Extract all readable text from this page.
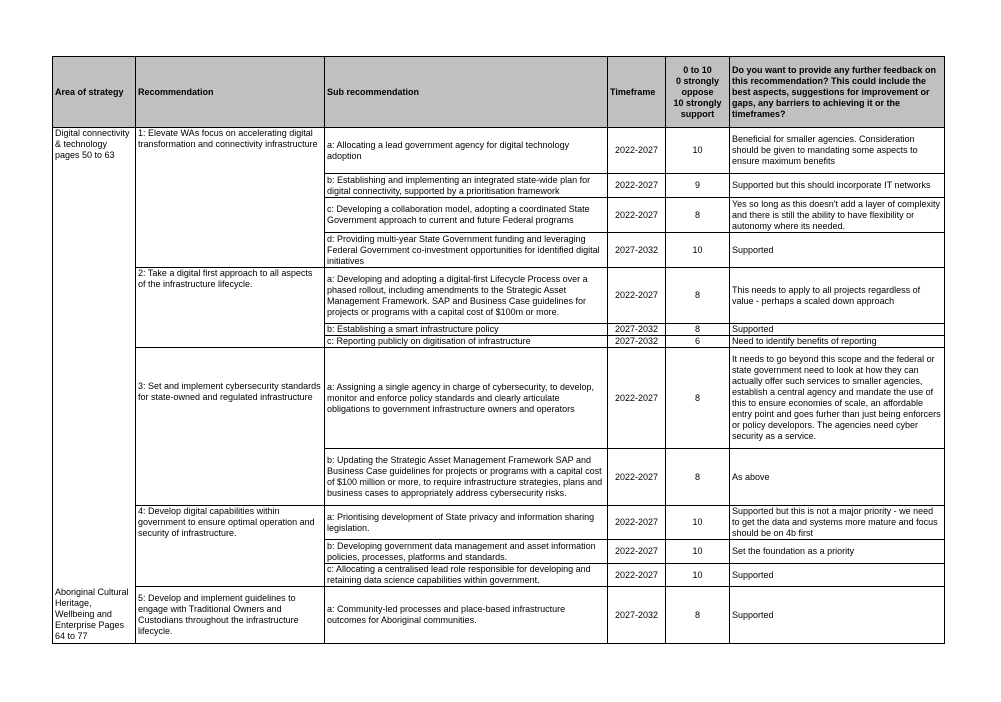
Area of strategy	Recommendation	Sub recommendation	Timeframe	0 to 10
0 strongly oppose
10 strongly support	Do you want to provide any further feedback on this recommendation? This could include the best aspects, suggestions for improvement or gaps, any barriers to achieving it or the timeframes?
Digital connectivity & technology pages 50 to 63	1: Elevate WAs focus on accelerating digital transformation and connectivity infrastructure	a: Allocating a lead government agency for digital technology adoption	2022-2027	10	Beneficial for smaller agencies. Consideration should be given to mandating some aspects to ensure maximum benefits
		b: Establishing and implementing an integrated state-wide plan for digital connectivity, supported by a prioritisation framework	2022-2027	9	Supported but this should incorporate IT networks
		c: Developing a collaboration model, adopting a coordinated State Government approach to current and future Federal programs	2022-2027	8	Yes so long as this doesn't add a layer of complexity and there is still the ability to have flexibility or autonomy where its needed.
		d: Providing multi-year State Government funding and leveraging Federal Government co-investment opportunities for identified digital initiatives	2027-2032	10	Supported
	2: Take a digital first approach to all aspects of the infrastructure lifecycle.	a: Developing and adopting a digital-first Lifecycle Process over a phased rollout, including amendments to the Strategic Asset Management Framework. SAP and Business Case guidelines for projects or programs with a capital cost of $100m or more.	2022-2027	8	This needs to apply to all projects regardless of value - perhaps a scaled down approach
		b: Establishing a smart infrastructure policy	2027-2032	8	Supported
		c: Reporting publicly on digitisation of infrastructure	2027-2032	6	Need to identify benefits of reporting
	3: Set and implement cybersecurity standards for state-owned and regulated infrastructure	a: Assigning a single agency in charge of cybersecurity, to develop, monitor and enforce policy standards and clearly articulate obligations to government infrastructure owners and operators	2022-2027	8	It needs to go beyond this scope and the federal or state government need to look at how they can actually offer such services to smaller agencies, establish a central agency and mandate the use of this to ensure economies of scale, an affordable entry point and goes furher than just being enforcers or policy developors. The agencies need cyber security as a service.
		b: Updating the Strategic Asset Management Framework SAP and Business Case guidelines for projects or programs with a capital cost of $100 million or more, to require infrastructure strategies, plans and business cases to appropriately address cybersecurity risks.	2022-2027	8	As above
	4: Develop digital capabilities within government to ensure optimal operation and security of infrastructure.	a: Prioritising development of State privacy and information sharing legislation.	2022-2027	10	Supported but this is not a major priority - we need to get the data and systems more mature and focus should be on 4b first
		b: Developing government data management and asset information policies, processes, platforms and standards.	2022-2027	10	Set the foundation as a priority
		c: Allocating a centralised lead role responsible for developing and retaining data science capabilities within government.	2022-2027	10	Supported
Aboriginal Cultural Heritage, Wellbeing and Enterprise Pages 64 to 77	5: Develop and implement guidelines to engage with Traditional Owners and Custodians throughout the infrastructure lifecycle.	a: Community-led processes and place-based infrastructure outcomes for Aboriginal communities.	2027-2032	8	Supported
